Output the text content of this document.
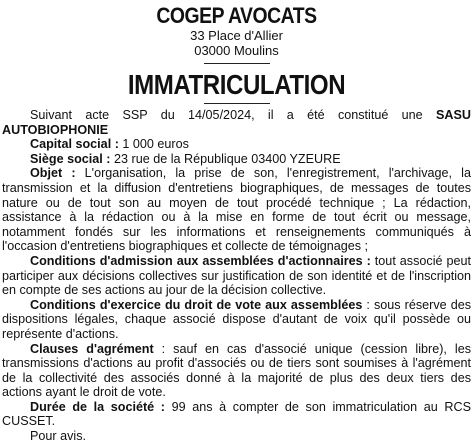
COGEP AVOCATS

33 Place d'Allier

03000 Moulins

IMMATRICULATION

Suivant acte SSP du 14/05/2024, il a été constitué une SASU AUTOBIOPHONIE

Capital social : 1 000 euros

Siège social : 23 rue de la République 03400 YZEURE

Objet : L'organisation, la prise de son, l'enregistrement, l'archivage, la transmission et la diffusion d'entretiens biographiques, de messages de toutes nature ou de tout son au moyen de tout procédé technique ; La rédaction, assistance à la rédaction ou à la mise en forme de tout écrit ou message, notamment fondés sur les informations et renseignements communiqués à l'occasion d'entretiens biographiques et collecte de témoignages ;

Conditions d'admission aux assemblées d'actionnaires : tout associé peut participer aux décisions collectives sur justification de son identité et de l'inscription en compte de ses actions au jour de la décision collective.

Conditions d'exercice du droit de vote aux assemblées : sous réserve des dispositions légales, chaque associé dispose d'autant de voix qu'il possède ou représente d'actions.

Clauses d'agrément : sauf en cas d'associé unique (cession libre), les transmissions d'actions au profit d'associés ou de tiers sont soumises à l'agrément de la collectivité des associés donné à la majorité de plus des deux tiers des actions ayant le droit de vote.

Durée de la société : 99 ans à compter de son immatriculation au RCS CUSSET.

Pour avis.
